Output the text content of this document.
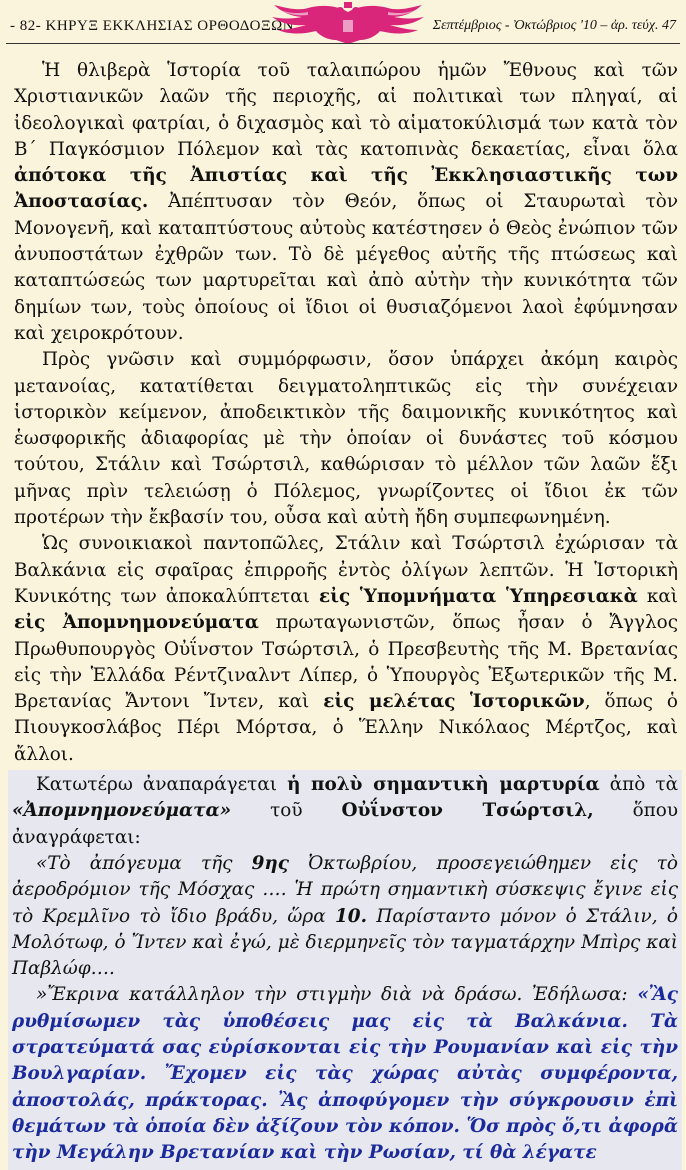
- 82- ΚΗΡΥΞ ΕΚΚΛΗΣΙΑΣ ΟΡΘΟΔΟΞΩΝ	Σεπτέμβριος - Ὀκτώβριος '10 – ἀρ. τεύχ. 47

Ἡ θλιβερὰ Ἱστορία τοῦ ταλαιπώρου ἡμῶν Ἔθνους καὶ τῶν Χριστιανικῶν λαῶν τῆς περιοχῆς, αἱ πολιτικαὶ των πληγαί, αἱ ἰδεολογικαὶ φατρίαι, ὁ διχασμὸς καὶ τὸ αἱματοκύλισμά των κατὰ τὸν Β΄ Παγκόσμιον Πόλεμον καὶ τὰς κατοπινὰς δεκαετίας, εἶναι ὅλα ἀπότοκα τῆς Ἀπιστίας καὶ τῆς Ἐκκλησιαστικῆς των Ἀποστασίας. Ἀπέπτυσαν τὸν Θεόν, ὅπως οἱ Σταυρωταὶ τὸν Μονογενῆ, καὶ καταπτύστους αὐτοὺς κατέστησεν ὁ Θεὸς ἐνώπιον τῶν ἀνυποστάτων ἐχθρῶν των. Τὸ δὲ μέγεθος αὐτῆς τῆς πτώσεως καὶ καταπτώσεώς των μαρτυρεῖται καὶ ἀπὸ αὐτὴν τὴν κυνικότητα τῶν δημίων των, τοὺς ὁποίους οἱ ἴδιοι οἱ θυσιαζόμενοι λαοὶ ἐφύμνησαν καὶ χειροκρότουν.

Πρὸς γνῶσιν καὶ συμμόρφωσιν, ὅσον ὑπάρχει ἀκόμη καιρὸς μετανοίας, κατατίθεται δειγματοληπτικῶς εἰς τὴν συνέχειαν ἱστορικὸν κείμενον, ἀποδεικτικὸν τῆς δαιμονικῆς κυνικότητος καὶ ἑωσφορικῆς ἀδιαφορίας μὲ τὴν ὁποίαν οἱ δυνάστες τοῦ κόσμου τούτου, Στάλιν καὶ Τσώρτσιλ, καθώρισαν τὸ μέλλον τῶν λαῶν ἕξι μῆνας πρὶν τελειώσῃ ὁ Πόλεμος, γνωρίζοντες οἱ ἴδιοι ἐκ τῶν προτέρων τὴν ἔκβασίν του, οὖσα καὶ αὐτὴ ἤδη συμπεφωνημένη.

Ὡς συνοικιακοὶ παντοπῶλες, Στάλιν καὶ Τσώρτσιλ ἐχώρισαν τὰ Βαλκάνια εἰς σφαῖρας ἐπιρροῆς ἐντὸς ὀλίγων λεπτῶν. Ἡ Ἱστορικὴ Κυνικότης των ἀποκαλύπτεται εἰς Ὑπομνήματα Ὑπηρεσιακὰ καὶ εἰς Ἀπομνημονεύματα πρωταγωνιστῶν, ὅπως ἦσαν ὁ Ἄγγλος Πρωθυπουργὸς Οὐΐνστον Τσώρτσιλ, ὁ Πρεσβευτὴς τῆς Μ. Βρετανίας εἰς τὴν Ἑλλάδα Ρέντζιναλντ Λίπερ, ὁ Ὑπουργὸς Ἐξωτερικῶν τῆς Μ. Βρετανίας Ἄντονι Ἴντεν, καὶ εἰς μελέτας Ἱστορικῶν, ὅπως ὁ Πιουγκοσλάβος Πέρι Μόρτσα, ὁ Ἕλλην Νικόλαος Μέρτζος, καὶ ἄλλοι.

Κατωτέρω ἀναπαράγεται ἡ πολὺ σημαντικὴ μαρτυρία ἀπὸ τὰ «Ἀπομνημονεύματα» τοῦ Οὐΐνστον Τσώρτσιλ, ὅπου ἀναγράφεται:

«Τὸ ἀπόγευμα τῆς 9ης Ὀκτωβρίου, προσεγειώθημεν εἰς τὸ ἀεροδρόμιον τῆς Μόσχας …. Ἡ πρώτη σημαντικὴ σύσκεψις ἔγινε εἰς τὸ Κρεμλῖνο τὸ ἴδιο βράδυ, ὥρα 10. Παρίσταντο μόνον ὁ Στάλιν, ὁ Μολότωφ, ὁ Ἴντεν καὶ ἐγώ, μὲ διερμηνεῖς τὸν ταγματάρχην Μπὶρς καὶ Παβλώφ….

»Ἔκρινα κατάλληλον τὴν στιγμὴν διὰ νὰ δράσω. Ἐδήλωσα: «Ἂς ρυθμίσωμεν τὰς ὑποθέσεις μας εἰς τὰ Βαλκάνια. Τὰ στρατεύματά σας εὑρίσκονται εἰς τὴν Ρουμανίαν καὶ εἰς τὴν Βουλγαρίαν. Ἔχομεν εἰς τὰς χώρας αὐτὰς συμφέροντα, ἀποστολάς, πράκτορας. Ἂς ἀποφύγομεν τὴν σύγκρουσιν ἐπὶ θεμάτων τὰ ὁποία δὲν ἀξίζουν τὸν κόπον. Ὅσ πρὸς ὅ,τι ἀφορᾶ τὴν Μεγάλην Βρετανίαν καὶ τὴν Ρωσίαν, τί θὰ λέγατε
